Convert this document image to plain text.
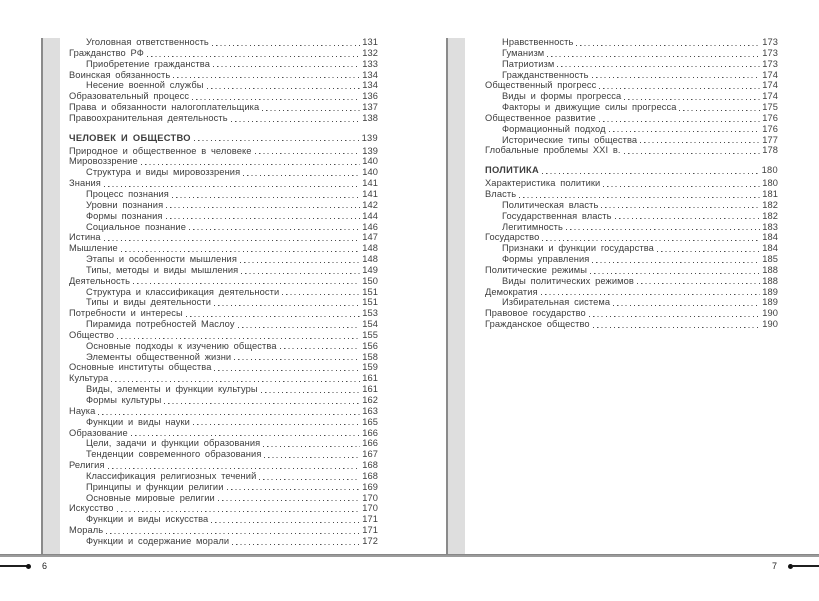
Уголовная ответственность	131
Гражданство РФ	132
Приобретение гражданства	133
Воинская обязанность	134
Несение военной службы	134
Образовательный процесс	136
Права и обязанности налогоплательщика	137
Правоохранительная деятельность	138
ЧЕЛОВЕК И ОБЩЕСТВО	139
Природное и общественное в человеке	139
Мировоззрение	140
Структура и виды мировоззрения	140
Знания	141
Процесс познания	141
Уровни познания	142
Формы познания	144
Социальное познание	146
Истина	147
Мышление	148
Этапы и особенности мышления	148
Типы, методы и виды мышления	149
Деятельность	150
Структура и классификация деятельности	151
Типы и виды деятельности	151
Потребности и интересы	153
Пирамида потребностей Маслоу	154
Общество	155
Основные подходы к изучению общества	156
Элементы общественной жизни	158
Основные институты общества	159
Культура	161
Виды, элементы и функции культуры	161
Формы культуры	162
Наука	163
Функции и виды науки	165
Образование	166
Цели, задачи и функции образования	166
Тенденции современного образования	167
Религия	168
Классификация религиозных течений	168
Принципы и функции религии	169
Основные мировые религии	170
Искусство	170
Функции и виды искусства	171
Мораль	171
Функции и содержание морали	172
Нравственность	173
Гуманизм	173
Патриотизм	173
Гражданственность	174
Общественный прогресс	174
Виды и формы прогресса	174
Факторы и движущие силы прогресса	175
Общественное развитие	176
Формационный подход	176
Исторические типы общества	177
Глобальные проблемы XXI в.	178
ПОЛИТИКА	180
Характеристика политики	180
Власть	181
Политическая власть	182
Государственная власть	182
Легитимность	183
Государство	184
Признаки и функции государства	184
Формы управления	185
Политические режимы	188
Виды политических режимов	188
Демократия	189
Избирательная система	189
Правовое государство	190
Гражданское общество	190
6	7
